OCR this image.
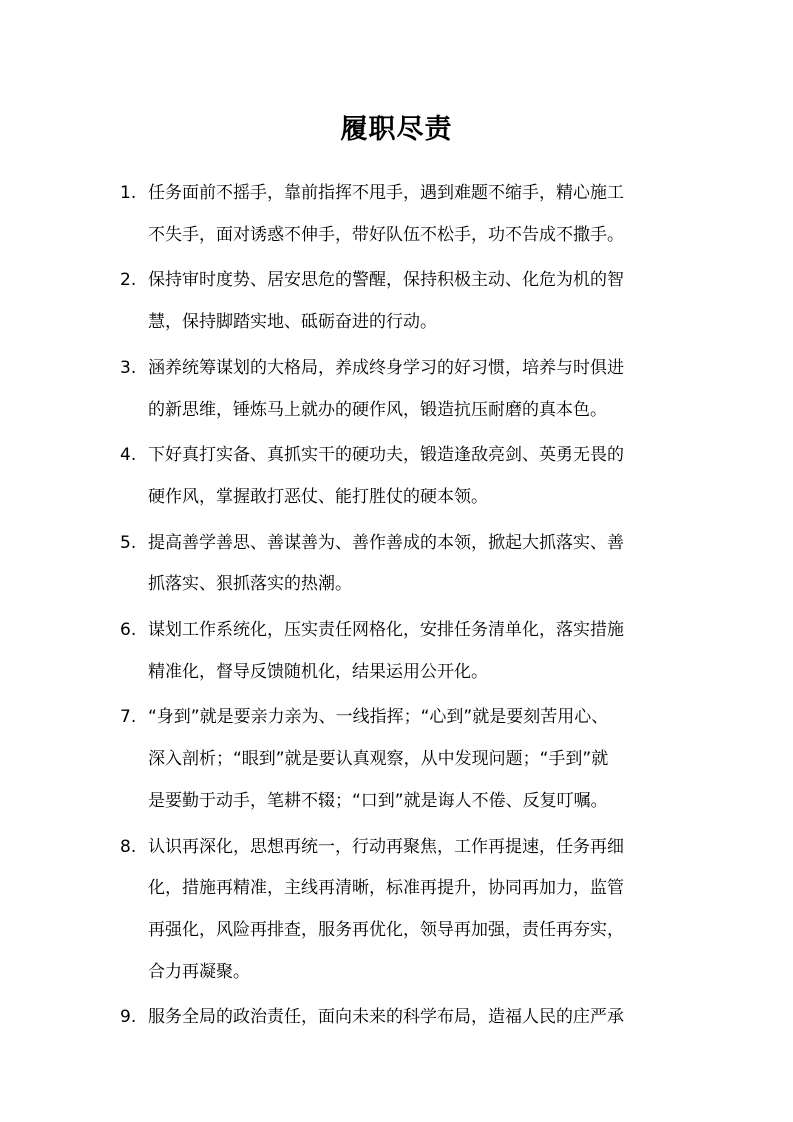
履职尽责
1. 任务面前不摇手，靠前指挥不甩手，遇到难题不缩手，精心施工
不失手，面对诱惑不伸手，带好队伍不松手，功不告成不撒手。
2. 保持审时度势、居安思危的警醒，保持积极主动、化危为机的智
慧，保持脚踏实地、砥砺奋进的行动。
3. 涵养统筹谋划的大格局，养成终身学习的好习惯，培养与时俱进
的新思维，锤炼马上就办的硬作风，锻造抗压耐磨的真本色。
4. 下好真打实备、真抓实干的硬功夫，锻造逢敌亮剑、英勇无畏的
硬作风，掌握敢打恶仗、能打胜仗的硬本领。
5. 提高善学善思、善谋善为、善作善成的本领，掀起大抓落实、善
抓落实、狠抓落实的热潮。
6. 谋划工作系统化，压实责任网格化，安排任务清单化，落实措施
精准化，督导反馈随机化，结果运用公开化。
7. “身到”就是要亲力亲为、一线指挥；“心到”就是要刻苦用心、
深入剖析；“眼到”就是要认真观察，从中发现问题；“手到”就
是要勤于动手，笔耕不辍；“口到”就是诲人不倦、反复叮嘱。
8. 认识再深化，思想再统一，行动再聚焦，工作再提速，任务再细
化，措施再精准，主线再清晰，标准再提升，协同再加力，监管
再强化，风险再排查，服务再优化，领导再加强，责任再夯实，
合力再凝聚。
9. 服务全局的政治责任，面向未来的科学布局，造福人民的庄严承
